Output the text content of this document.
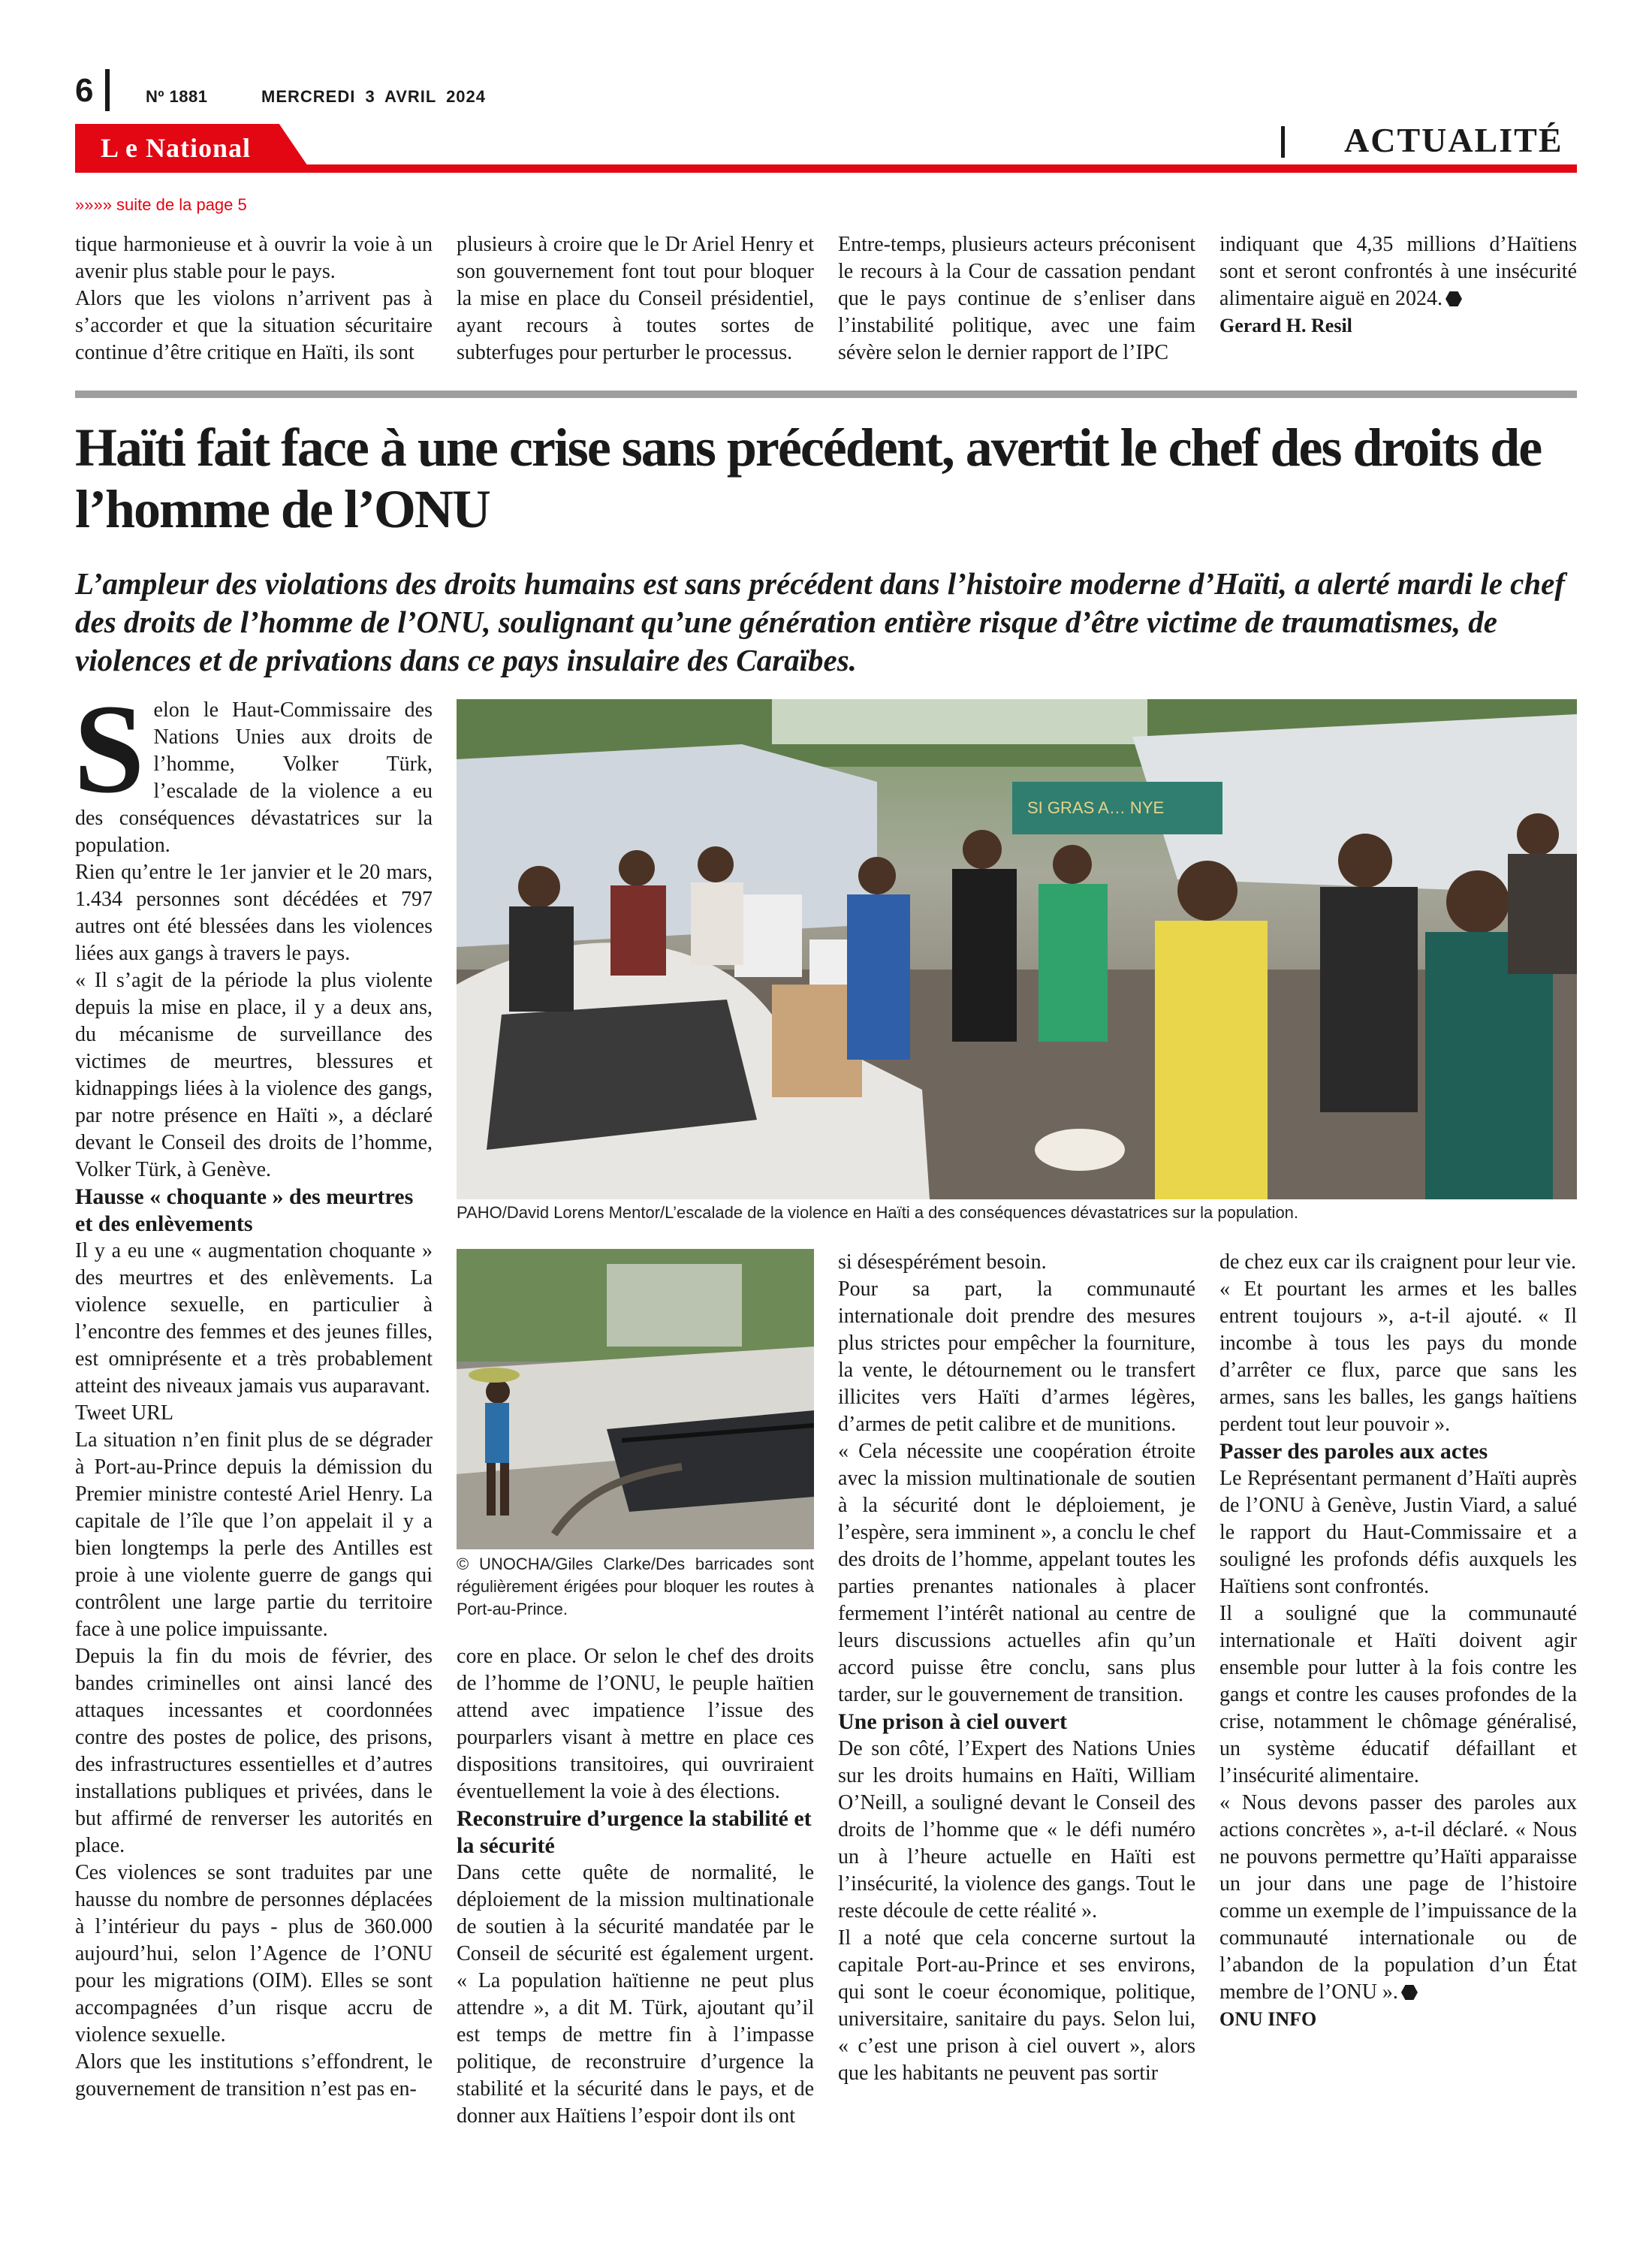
6	Nº 1881	MERCREDI 3 AVRIL 2024
L e National	ACTUALITÉ
»»»» suite de la page 5

tique harmonieuse et à ouvrir la voie à un avenir plus stable pour le pays.

Alors que les violons n’arrivent pas à s’accorder et que la situation sécuritaire continue d’être critique en Haïti, ils sont

plusieurs à croire que le Dr Ariel Henry et son gouvernement font tout pour bloquer la mise en place du Conseil présidentiel, ayant recours à toutes sortes de subterfuges pour perturber le processus.

Entre-temps, plusieurs acteurs préconisent le recours à la Cour de cassation pendant que le pays continue de s’enliser dans l’instabilité politique, avec une faim sévère selon le dernier rapport de l’IPC

indiquant que 4,35 millions d’Haïtiens sont et seront confrontés à une insécurité alimentaire aiguë en 2024.

Gerard H. Resil

Haïti fait face à une crise sans précédent, avertit le chef des droits de l’homme de l’ONU
L’ampleur des violations des droits humains est sans précédent dans l’histoire moderne d’Haïti, a alerté mardi le chef des droits de l’homme de l’ONU, soulignant qu’une génération entière risque d’être victime de traumatismes, de violences et de privations dans ce pays insulaire des Caraïbes.

Selon le Haut-Commissaire des Nations Unies aux droits de l’homme, Volker Türk, l’escalade de la violence a eu des conséquences dévastatrices sur la population.

Rien qu’entre le 1er janvier et le 20 mars, 1.434 personnes sont décédées et 797 autres ont été blessées dans les violences liées aux gangs à travers le pays.

« Il s’agit de la période la plus violente depuis la mise en place, il y a deux ans, du mécanisme de surveillance des victimes de meurtres, blessures et kidnappings liées à la violence des gangs, par notre présence en Haïti », a déclaré devant le Conseil des droits de l’homme, Volker Türk, à Genève.

Hausse « choquante » des meurtres et des enlèvements

Il y a eu une « augmentation choquante » des meurtres et des enlèvements. La violence sexuelle, en particulier à l’encontre des femmes et des jeunes filles, est omniprésente et a très probablement atteint des niveaux jamais vus auparavant.

Tweet URL

La situation n’en finit plus de se dégrader à Port-au-Prince depuis la démission du Premier ministre contesté Ariel Henry. La capitale de l’île que l’on appelait il y a bien longtemps la perle des Antilles est proie à une violente guerre de gangs qui contrôlent une large partie du territoire face à une police impuissante.

Depuis la fin du mois de février, des bandes criminelles ont ainsi lancé des attaques incessantes et coordonnées contre des postes de police, des prisons, des infrastructures essentielles et d’autres installations publiques et privées, dans le but affirmé de renverser les autorités en place.

Ces violences se sont traduites par une hausse du nombre de personnes déplacées à l’intérieur du pays - plus de 360.000 aujourd’hui, selon l’Agence de l’ONU pour les migrations (OIM). Elles se sont accompagnées d’un risque accru de violence sexuelle.

Alors que les institutions s’effondrent, le gouvernement de transition n’est pas en-

SI GRAS A… NYE
PAHO/David Lorens Mentor/L’escalade de la violence en Haïti a des conséquences dévastatrices sur la population.
© UNOCHA/Giles Clarke/Des barricades sont régulièrement érigées pour bloquer les routes à Port-au-Prince.

core en place. Or selon le chef des droits de l’homme de l’ONU, le peuple haïtien attend avec impatience l’issue des pourparlers visant à mettre en place ces dispositions transitoires, qui ouvriraient éventuellement la voie à des élections.

Reconstruire d’urgence la stabilité et la sécurité

Dans cette quête de normalité, le déploiement de la mission multinationale de soutien à la sécurité mandatée par le Conseil de sécurité est également urgent. « La population haïtienne ne peut plus attendre », a dit M. Türk, ajoutant qu’il est temps de mettre fin à l’impasse politique, de reconstruire d’urgence la stabilité et la sécurité dans le pays, et de donner aux Haïtiens l’espoir dont ils ont

si désespérément besoin.

Pour sa part, la communauté internationale doit prendre des mesures plus strictes pour empêcher la fourniture, la vente, le détournement ou le transfert illicites vers Haïti d’armes légères, d’armes de petit calibre et de munitions.

« Cela nécessite une coopération étroite avec la mission multinationale de soutien à la sécurité dont le déploiement, je l’espère, sera imminent », a conclu le chef des droits de l’homme, appelant toutes les parties prenantes nationales à placer fermement l’intérêt national au centre de leurs discussions actuelles afin qu’un accord puisse être conclu, sans plus tarder, sur le gouvernement de transition.

Une prison à ciel ouvert

De son côté, l’Expert des Nations Unies sur les droits humains en Haïti, William O’Neill, a souligné devant le Conseil des droits de l’homme que « le défi numéro un à l’heure actuelle en Haïti est l’insécurité, la violence des gangs. Tout le reste découle de cette réalité ».

Il a noté que cela concerne surtout la capitale Port-au-Prince et ses environs, qui sont le coeur économique, politique, universitaire, sanitaire du pays. Selon lui, « c’est une prison à ciel ouvert », alors que les habitants ne peuvent pas sortir

de chez eux car ils craignent pour leur vie.

« Et pourtant les armes et les balles entrent toujours », a-t-il ajouté. « Il incombe à tous les pays du monde d’arrêter ce flux, parce que sans les armes, sans les balles, les gangs haïtiens perdent tout leur pouvoir ».

Passer des paroles aux actes

Le Représentant permanent d’Haïti auprès de l’ONU à Genève, Justin Viard, a salué le rapport du Haut-Commissaire et a souligné les profonds défis auxquels les Haïtiens sont confrontés.

Il a souligné que la communauté internationale et Haïti doivent agir ensemble pour lutter à la fois contre les gangs et contre les causes profondes de la crise, notamment le chômage généralisé, un système éducatif défaillant et l’insécurité alimentaire.

« Nous devons passer des paroles aux actions concrètes », a-t-il déclaré. « Nous ne pouvons permettre qu’Haïti apparaisse un jour dans une page de l’histoire comme un exemple de l’impuissance de la communauté internationale ou de l’abandon de la population d’un État membre de l’ONU ».

ONU INFO
